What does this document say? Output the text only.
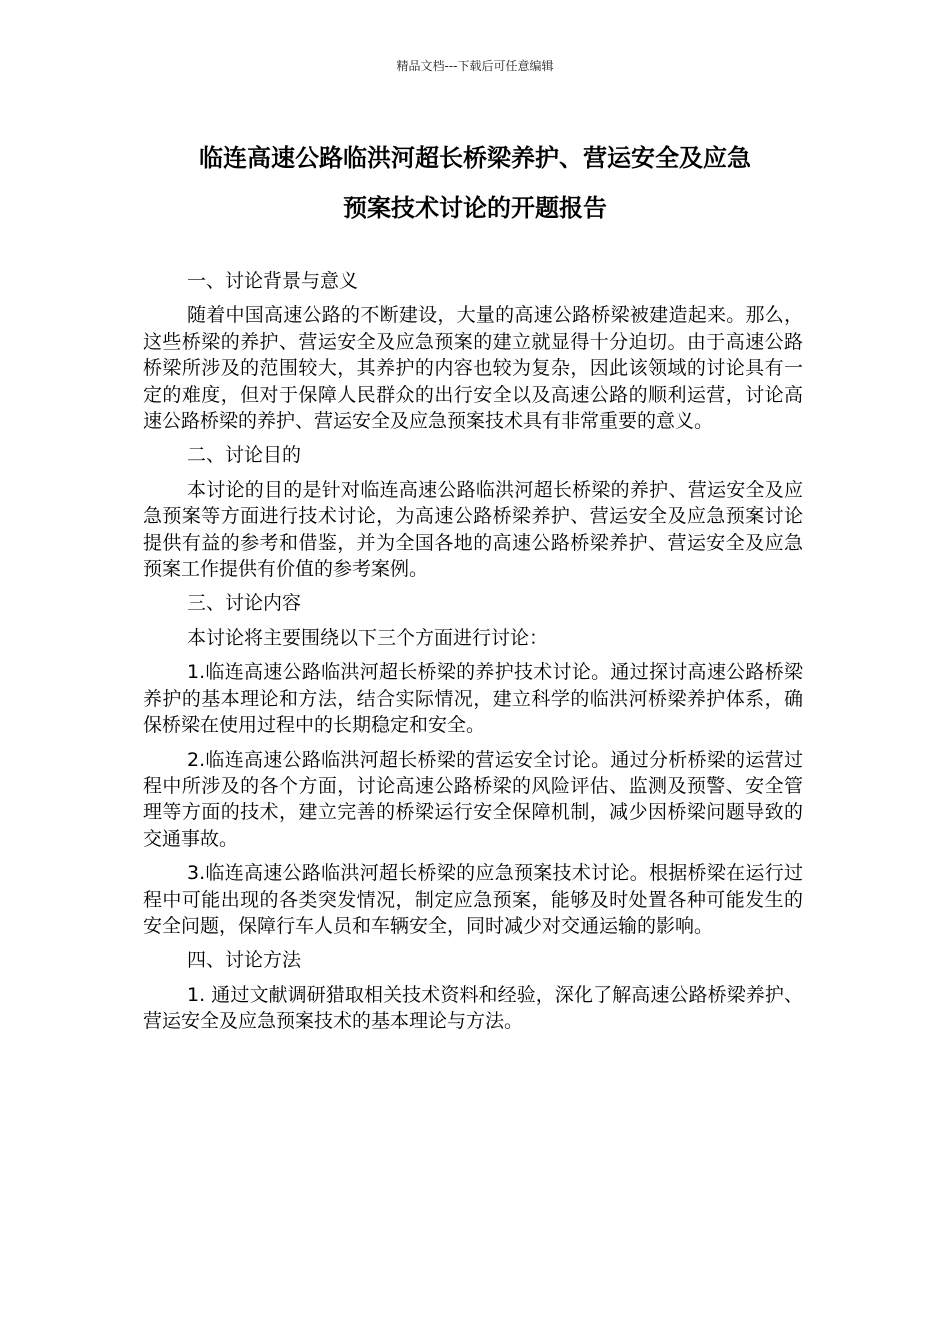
精品文档---下载后可任意编辑
临连高速公路临洪河超长桥梁养护、营运安全及应急
预案技术讨论的开题报告

一、讨论背景与意义

随着中国高速公路的不断建设，大量的高速公路桥梁被建造起来。那么，这些桥梁的养护、营运安全及应急预案的建立就显得十分迫切。由于高速公路桥梁所涉及的范围较大，其养护的内容也较为复杂，因此该领域的讨论具有一定的难度，但对于保障人民群众的出行安全以及高速公路的顺利运营，讨论高速公路桥梁的养护、营运安全及应急预案技术具有非常重要的意义。

二、讨论目的

本讨论的目的是针对临连高速公路临洪河超长桥梁的养护、营运安全及应急预案等方面进行技术讨论，为高速公路桥梁养护、营运安全及应急预案讨论提供有益的参考和借鉴，并为全国各地的高速公路桥梁养护、营运安全及应急预案工作提供有价值的参考案例。

三、讨论内容

本讨论将主要围绕以下三个方面进行讨论：

1.临连高速公路临洪河超长桥梁的养护技术讨论。通过探讨高速公路桥梁养护的基本理论和方法，结合实际情况，建立科学的临洪河桥梁养护体系，确保桥梁在使用过程中的长期稳定和安全。

2.临连高速公路临洪河超长桥梁的营运安全讨论。通过分析桥梁的运营过程中所涉及的各个方面，讨论高速公路桥梁的风险评估、监测及预警、安全管理等方面的技术，建立完善的桥梁运行安全保障机制，减少因桥梁问题导致的交通事故。

3.临连高速公路临洪河超长桥梁的应急预案技术讨论。根据桥梁在运行过程中可能出现的各类突发情况，制定应急预案，能够及时处置各种可能发生的安全问题，保障行车人员和车辆安全，同时减少对交通运输的影响。

四、讨论方法

1. 通过文献调研猎取相关技术资料和经验，深化了解高速公路桥梁养护、营运安全及应急预案技术的基本理论与方法。
